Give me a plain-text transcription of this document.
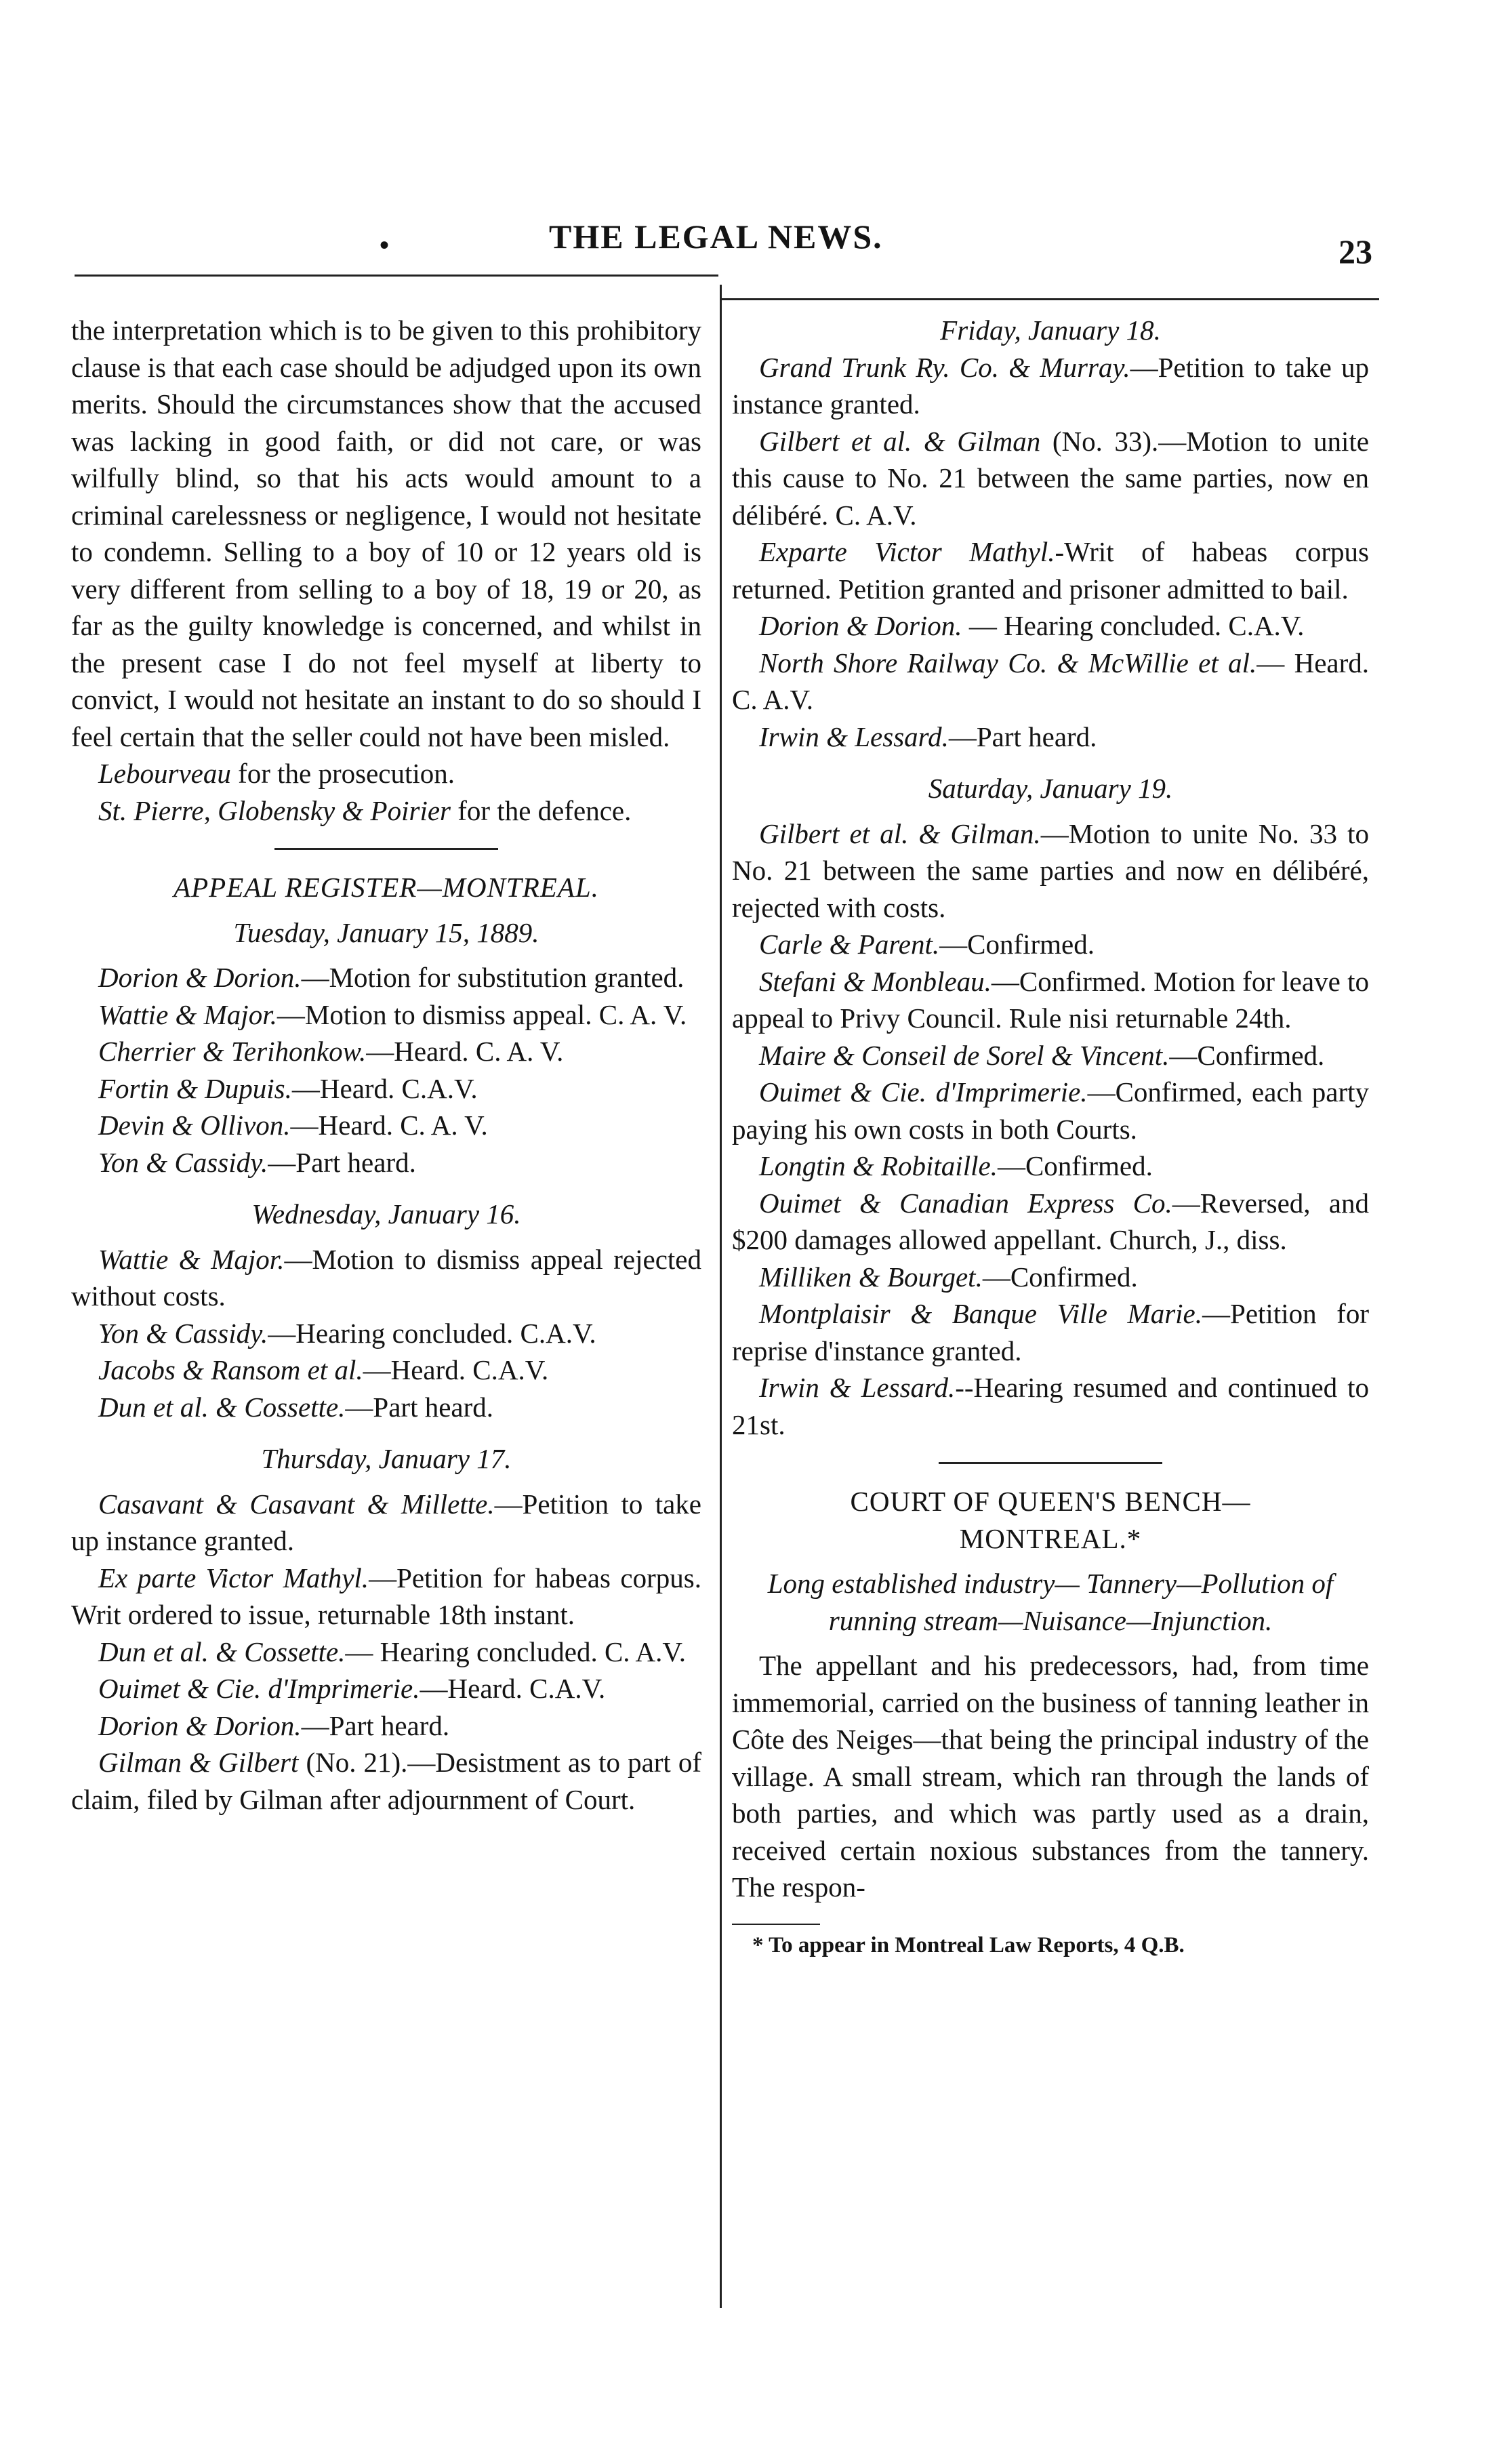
•	THE LEGAL NEWS.	23

the interpretation which is to be given to this prohibitory clause is that each case should be adjudged upon its own merits. Should the circumstances show that the accused was lacking in good faith, or did not care, or was wilfully blind, so that his acts would amount to a criminal carelessness or negligence, I would not hesitate to condemn. Selling to a boy of 10 or 12 years old is very different from selling to a boy of 18, 19 or 20, as far as the guilty knowledge is concerned, and whilst in the present case I do not feel myself at liberty to convict, I would not hesitate an instant to do so should I feel certain that the seller could not have been misled.

Lebourveau for the prosecution.

St. Pierre, Globensky & Poirier for the defence.

APPEAL REGISTER—MONTREAL.

Tuesday, January 15, 1889.

Dorion & Dorion.—Motion for substitution granted.

Wattie & Major.—Motion to dismiss appeal. C. A. V.

Cherrier & Terihonkow.—Heard. C. A. V.

Fortin & Dupuis.—Heard. C.A.V.

Devin & Ollivon.—Heard. C. A. V.

Yon & Cassidy.—Part heard.

Wednesday, January 16.

Wattie & Major.—Motion to dismiss appeal rejected without costs.

Yon & Cassidy.—Hearing concluded. C.A.V.

Jacobs & Ransom et al.—Heard. C.A.V.

Dun et al. & Cossette.—Part heard.

Thursday, January 17.

Casavant & Casavant & Millette.—Petition to take up instance granted.

Ex parte Victor Mathyl.—Petition for habeas corpus. Writ ordered to issue, returnable 18th instant.

Dun et al. & Cossette.— Hearing concluded. C. A.V.

Ouimet & Cie. d'Imprimerie.—Heard. C.A.V.

Dorion & Dorion.—Part heard.

Gilman & Gilbert (No. 21).—Desistment as to part of claim, filed by Gilman after adjournment of Court.

Friday, January 18.

Grand Trunk Ry. Co. & Murray.—Petition to take up instance granted.

Gilbert et al. & Gilman (No. 33).—Motion to unite this cause to No. 21 between the same parties, now en délibéré. C. A.V.

Exparte Victor Mathyl.-Writ of habeas corpus returned. Petition granted and prisoner admitted to bail.

Dorion & Dorion. — Hearing concluded. C.A.V.

North Shore Railway Co. & McWillie et al.— Heard. C. A.V.

Irwin & Lessard.—Part heard.

Saturday, January 19.

Gilbert et al. & Gilman.—Motion to unite No. 33 to No. 21 between the same parties and now en délibéré, rejected with costs.

Carle & Parent.—Confirmed.

Stefani & Monbleau.—Confirmed. Motion for leave to appeal to Privy Council. Rule nisi returnable 24th.

Maire & Conseil de Sorel & Vincent.—Confirmed.

Ouimet & Cie. d'Imprimerie.—Confirmed, each party paying his own costs in both Courts.

Longtin & Robitaille.—Confirmed.

Ouimet & Canadian Express Co.—Reversed, and $200 damages allowed appellant. Church, J., diss.

Milliken & Bourget.—Confirmed.

Montplaisir & Banque Ville Marie.—Petition for reprise d'instance granted.

Irwin & Lessard.--Hearing resumed and continued to 21st.

COURT OF QUEEN'S BENCH—

MONTREAL.*

Long established industry— Tannery—Pollution of running stream—Nuisance—Injunction.

The appellant and his predecessors, had, from time immemorial, carried on the business of tanning leather in Côte des Neiges—that being the principal industry of the village. A small stream, which ran through the lands of both parties, and which was partly used as a drain, received certain noxious substances from the tannery. The respon-

* To appear in Montreal Law Reports, 4 Q.B.
